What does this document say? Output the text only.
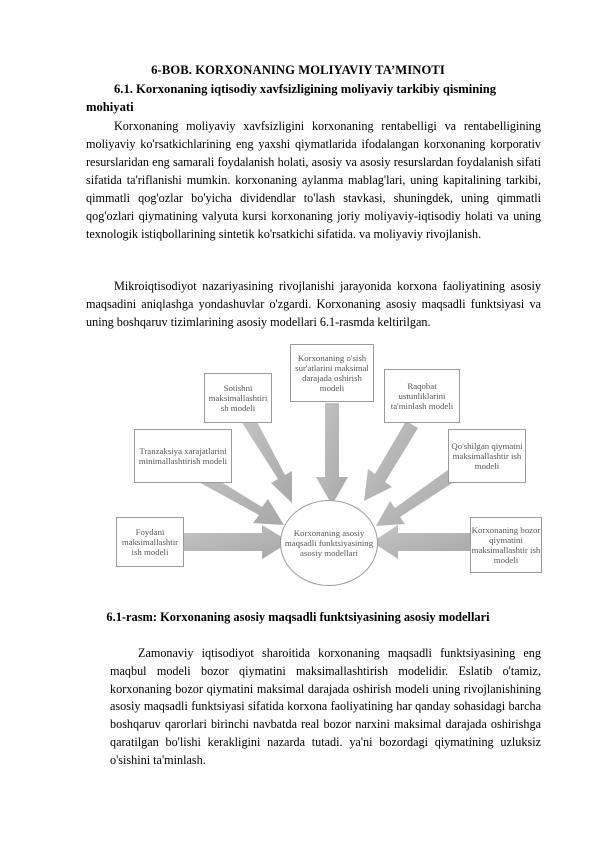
6-BOB. KORXONANING MOLIYAVIY TA’MINOTI
6.1. Korxonaning iqtisodiy xavfsizligining moliyaviy tarkibiy qismining mohiyati

Korxonaning moliyaviy xavfsizligini korxonaning rentabelligi va rentabelligining moliyaviy ko'rsatkichlarining eng yaxshi qiymatlarida ifodalangan korxonaning korporativ resurslaridan eng samarali foydalanish holati, asosiy va asosiy resurslardan foydalanish sifati sifatida ta'riflanishi mumkin. korxonaning aylanma mablag'lari, uning kapitalining tarkibi, qimmatli qog'ozlar bo'yicha dividendlar to'lash stavkasi, shuningdek, uning qimmatli qog'ozlari qiymatining valyuta kursi korxonaning joriy moliyaviy-iqtisodiy holati va uning texnologik istiqbollarining sintetik ko'rsatkichi sifatida. va moliyaviy rivojlanish.

Mikroiqtisodiyot nazariyasining rivojlanishi jarayonida korxona faoliyatining asosiy maqsadini aniqlashga yondashuvlar o'zgardi. Korxonaning asosiy maqsadli funktsiyasi va uning boshqaruv tizimlarining asosiy modellari 6.1-rasmda keltirilgan.

Korxonaning asosiy maqsadli funktsiyasining asosiy modellari
Foydani maksimallashtir ish modeli
Tranzaksiya xarajatlarini minimallashtirish modeli
Sotishni maksimallashtiri sh modeli
Korxonaning o'sish sur'atlarini maksimal darajada oshirish modeli	Raqobat ustunliklarini ta'minlash modeli
Qo'shilgan qiymatni maksimallashtir ish modeli
Korxonaning bozor qiymatini maksimallashtir ish modeli
6.1-rasm: Korxonaning asosiy maqsadli funktsiyasining asosiy modellari

Zamonaviy iqtisodiyot sharoitida korxonaning maqsadli funktsiyasining eng maqbul modeli bozor qiymatini maksimallashtirish modelidir. Eslatib o'tamiz, korxonaning bozor qiymatini maksimal darajada oshirish modeli uning rivojlanishining asosiy maqsadli funktsiyasi sifatida korxona faoliyatining har qanday sohasidagi barcha boshqaruv qarorlari birinchi navbatda real bozor narxini maksimal darajada oshirishga qaratilgan bo'lishi kerakligini nazarda tutadi. ya'ni bozordagi qiymatining uzluksiz o'sishini ta'minlash.
